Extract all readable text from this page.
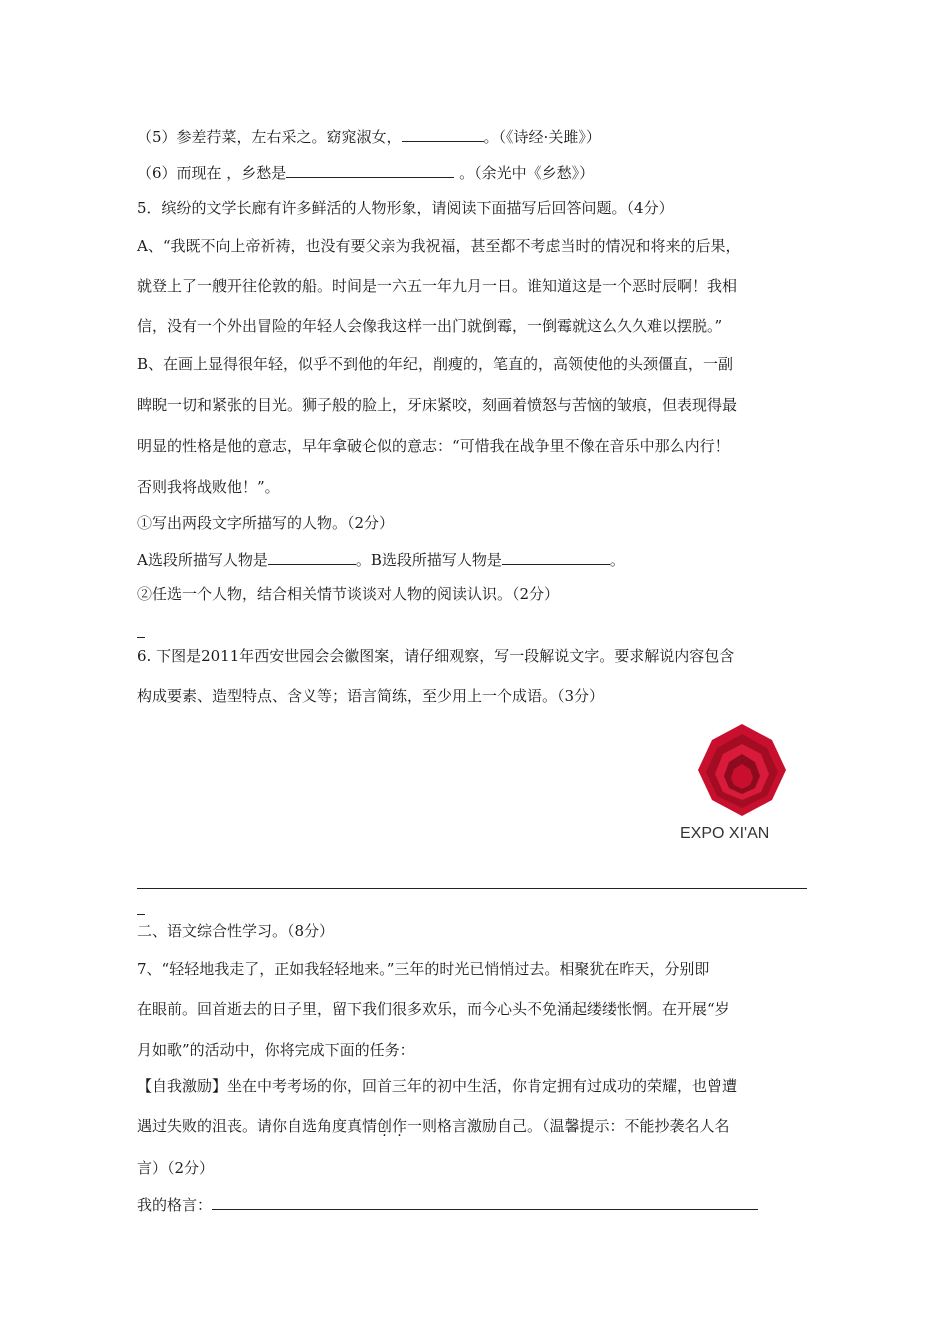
（5）参差荇菜，左右采之。窈窕淑女，	。（《诗经·关雎》）
（6）而现在 ，乡愁是	。（余光中《乡愁》）
5．缤纷的文学长廊有许多鲜活的人物形象，请阅读下面描写后回答问题。（4分）
A、“我既不向上帝祈祷，也没有要父亲为我祝福，甚至都不考虑当时的情况和将来的后果，
就登上了一艘开往伦敦的船。时间是一六五一年九月一日。谁知道这是一个恶时辰啊！我相
信，没有一个外出冒险的年轻人会像我这样一出门就倒霉，一倒霉就这么久久难以摆脱。”
B、在画上显得很年轻，似乎不到他的年纪，削瘦的，笔直的，高领使他的头颈僵直，一副
睥睨一切和紧张的目光。狮子般的脸上，牙床紧咬，刻画着愤怒与苦恼的皱痕，但表现得最
明显的性格是他的意志，早年拿破仑似的意志：“可惜我在战争里不像在音乐中那么内行！
否则我将战败他！”。
①写出两段文字所描写的人物。（2分）
A选段所描写人物是	。B选段所描写人物是	。
②任选一个人物，结合相关情节谈谈对人物的阅读认识。（2分）
6. 下图是2011年西安世园会会徽图案，请仔细观察，写一段解说文字。要求解说内容包含
构成要素、造型特点、含义等；语言简练，至少用上一个成语。（3分）
EXPO XI'AN
二、语文综合性学习。（8分）
7、“轻轻地我走了，正如我轻轻地来。”三年的时光已悄悄过去。相聚犹在昨天，分别即
在眼前。回首逝去的日子里，留下我们很多欢乐，而今心头不免涌起缕缕怅惘。在开展“岁
月如歌”的活动中，你将完成下面的任务：
【自我激励】坐在中考考场的你，回首三年的初中生活，你肯定拥有过成功的荣耀，也曾遭
遇过失败的沮丧。请你自选角度真情创作一则格言激励自己。（温馨提示：不能抄袭名人名
言）（2分）
我的格言：
